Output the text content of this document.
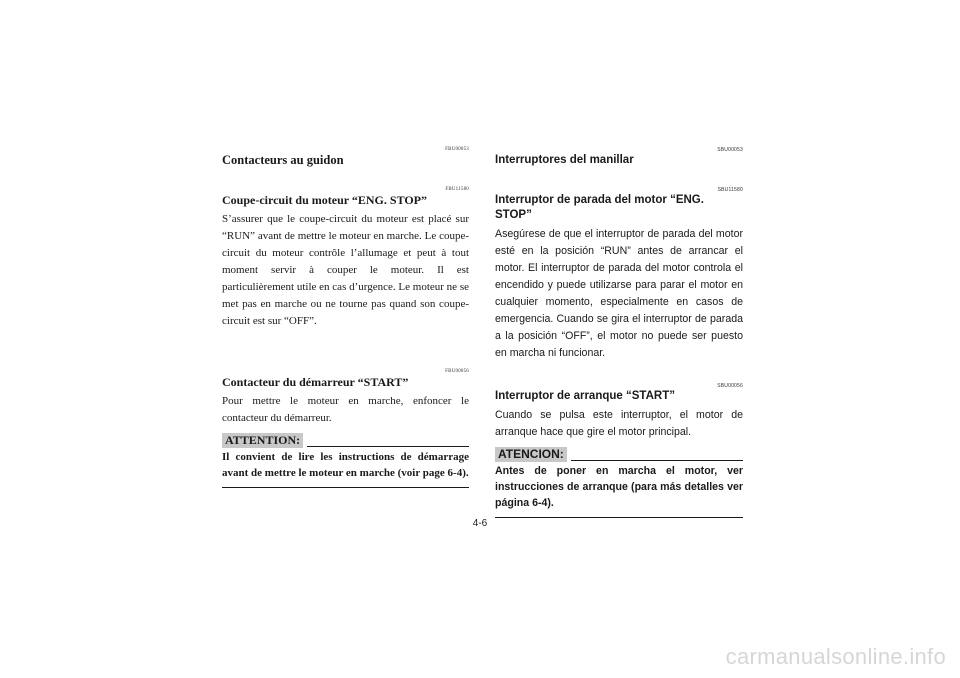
FBU00053
Contacteurs au guidon
FBU11580
Coupe-circuit du moteur “ENG. STOP”

S’assurer que le coupe-circuit du moteur est placé sur “RUN” avant de mettre le moteur en marche. Le coupe-circuit du moteur contrôle l’allumage et peut à tout moment servir à couper le moteur. Il est particulièrement utile en cas d’urgence. Le moteur ne se met pas en marche ou ne tourne pas quand son coupe-circuit est sur “OFF”.

FBU00056
Contacteur du démarreur “START”

Pour mettre le moteur en marche, enfoncer le contacteur du démarreur.

ATTENTION:

Il convient de lire les instructions de démarrage avant de mettre le moteur en marche (voir page 6-4).

SBU00053
Interruptores del manillar
SBU11580
Interruptor de parada del motor “ENG. STOP”

Asegúrese de que el interruptor de parada del motor esté en la posición “RUN” antes de arrancar el motor. El interruptor de parada del motor controla el encendido y puede utilizarse para parar el motor en cualquier momento, especialmente en casos de emergencia. Cuando se gira el interruptor de parada a la posición “OFF”, el motor no puede ser puesto en marcha ni funcionar.

SBU00056
Interruptor de arranque “START”

Cuando se pulsa este interruptor, el motor de arranque hace que gire el motor principal.

ATENCION:

Antes de poner en marcha el motor, ver instrucciones de arranque (para más detalles ver página 6-4).

4-6
carmanualsonline.info
